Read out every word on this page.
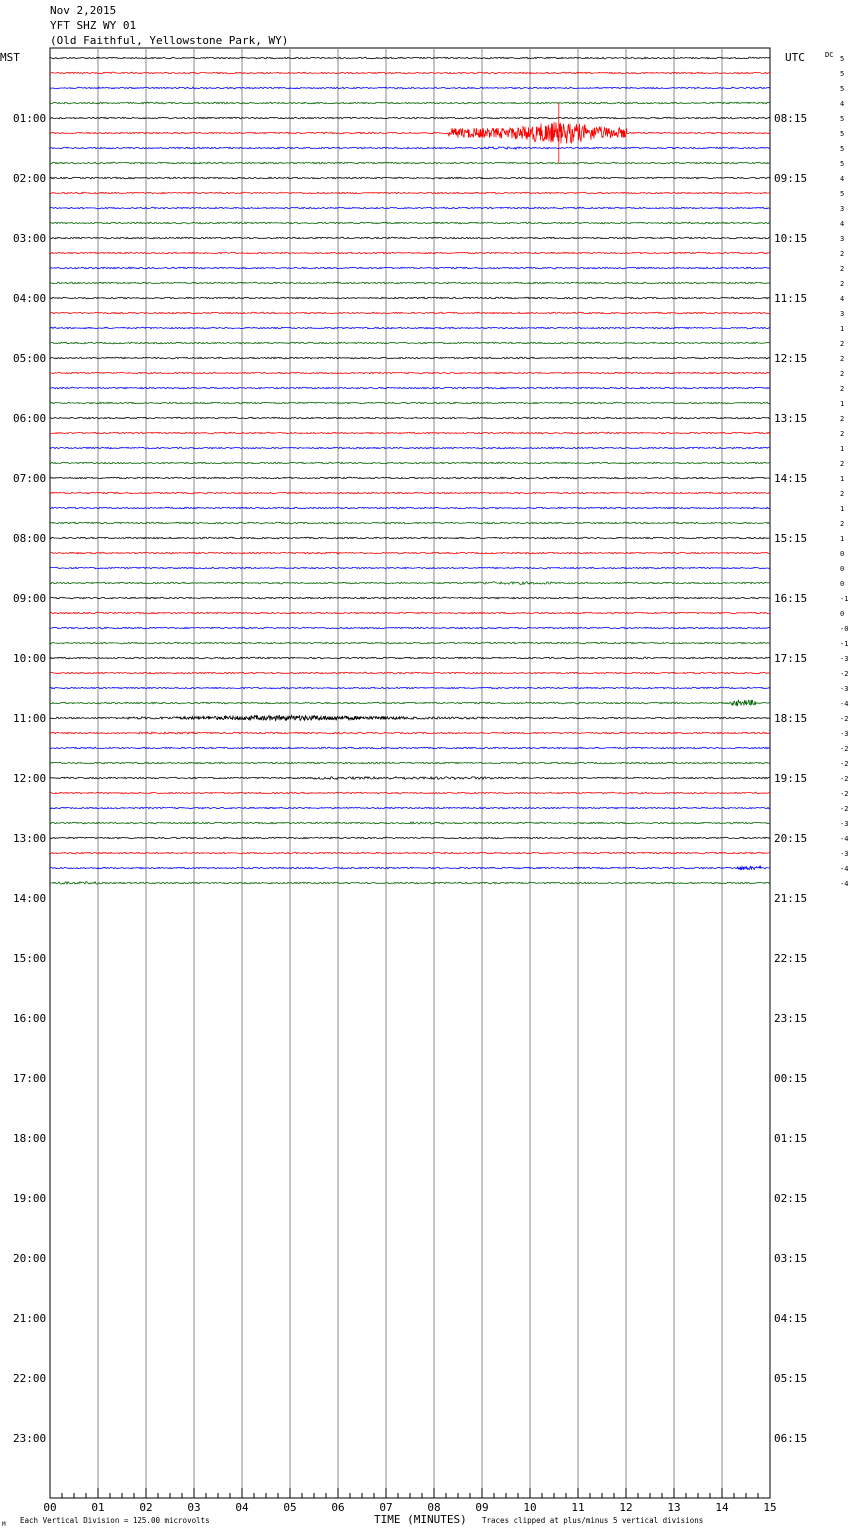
Nov 2,2015
YFT SHZ WY 01
(Old Faithful, Yellowstone Park, WY)
5
5
5
4
5
5
5
5
4
5
3
4
3
2
2
2
4
3
1
2
2
2
2
1
2
2
1
2
1
2
1
2
1
0
0
0
-1
0
-0
-1
-3
-2
-3
-4
-2
-3
-2
-2
-2
-2
-2
-3
-4
-3
-4
-4
01:00
02:00
03:00
04:00
05:00
06:00
07:00
08:00
09:00
10:00
11:00
12:00
13:00
14:00
15:00
16:00
17:00
18:00
19:00
20:00
21:00
22:00
23:00
08:15
09:15
10:15
11:15
12:15
13:15
14:15
15:15
16:15
17:15
18:15
19:15
20:15
21:15
22:15
23:15
00:15
01:15
02:15
03:15
04:15
05:15
06:15
00	01	02	03	04	05	06	07	08	09	10	11	12	13	14	15
MST	UTC	DC
TIME (MINUTES)
M Each Vertical Division = 125.00 microvolts	Traces clipped at plus/minus 5 vertical divisions
